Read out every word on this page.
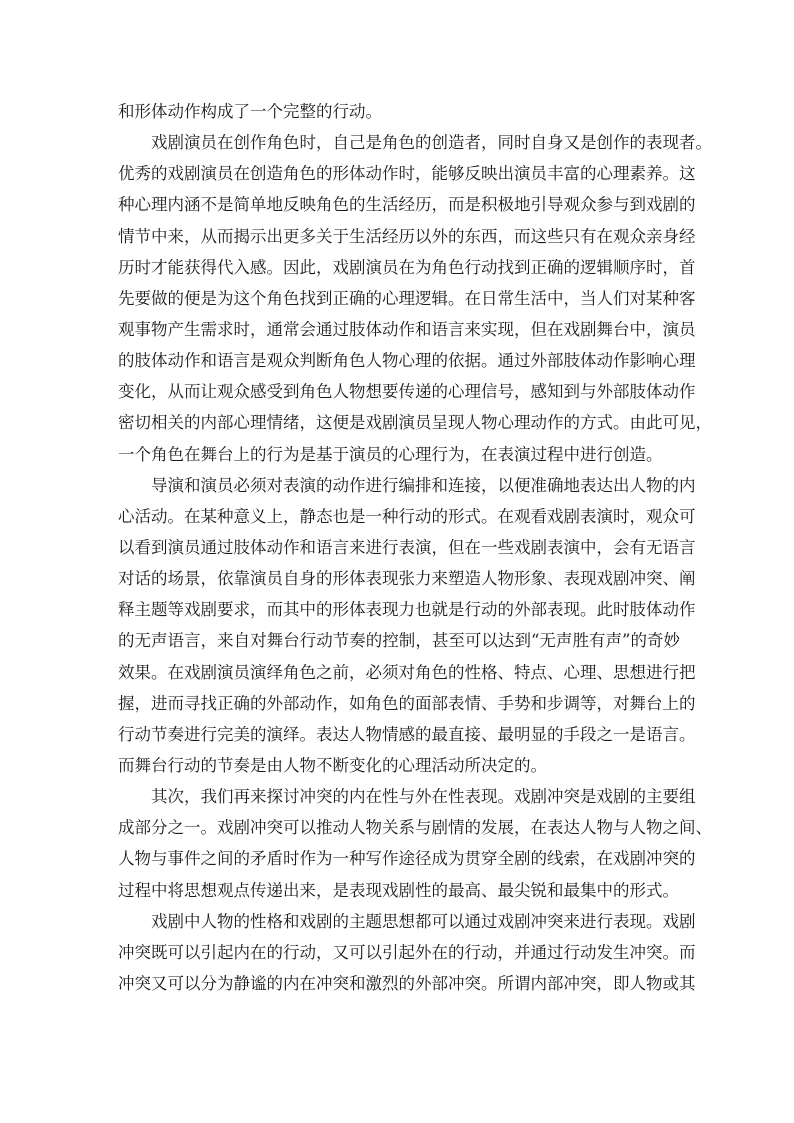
和形体动作构成了一个完整的行动。
戏剧演员在创作角色时，自己是角色的创造者，同时自身又是创作的表现者。
优秀的戏剧演员在创造角色的形体动作时，能够反映出演员丰富的心理素养。这
种心理内涵不是简单地反映角色的生活经历，而是积极地引导观众参与到戏剧的
情节中来，从而揭示出更多关于生活经历以外的东西，而这些只有在观众亲身经
历时才能获得代入感。因此，戏剧演员在为角色行动找到正确的逻辑顺序时，首
先要做的便是为这个角色找到正确的心理逻辑。在日常生活中，当人们对某种客
观事物产生需求时，通常会通过肢体动作和语言来实现，但在戏剧舞台中，演员
的肢体动作和语言是观众判断角色人物心理的依据。通过外部肢体动作影响心理
变化，从而让观众感受到角色人物想要传递的心理信号，感知到与外部肢体动作
密切相关的内部心理情绪，这便是戏剧演员呈现人物心理动作的方式。由此可见，
一个角色在舞台上的行为是基于演员的心理行为，在表演过程中进行创造。
导演和演员必须对表演的动作进行编排和连接，以便准确地表达出人物的内
心活动。在某种意义上，静态也是一种行动的形式。在观看戏剧表演时，观众可
以看到演员通过肢体动作和语言来进行表演，但在一些戏剧表演中，会有无语言
对话的场景，依靠演员自身的形体表现张力来塑造人物形象、表现戏剧冲突、阐
释主题等戏剧要求，而其中的形体表现力也就是行动的外部表现。此时肢体动作
的无声语言，来自对舞台行动节奏的控制，甚至可以达到“无声胜有声”的奇妙
效果。在戏剧演员演绎角色之前，必须对角色的性格、特点、心理、思想进行把
握，进而寻找正确的外部动作，如角色的面部表情、手势和步调等，对舞台上的
行动节奏进行完美的演绎。表达人物情感的最直接、最明显的手段之一是语言。
而舞台行动的节奏是由人物不断变化的心理活动所决定的。
其次，我们再来探讨冲突的内在性与外在性表现。戏剧冲突是戏剧的主要组
成部分之一。戏剧冲突可以推动人物关系与剧情的发展，在表达人物与人物之间、
人物与事件之间的矛盾时作为一种写作途径成为贯穿全剧的线索，在戏剧冲突的
过程中将思想观点传递出来，是表现戏剧性的最高、最尖锐和最集中的形式。
戏剧中人物的性格和戏剧的主题思想都可以通过戏剧冲突来进行表现。戏剧
冲突既可以引起内在的行动，又可以引起外在的行动，并通过行动发生冲突。而
冲突又可以分为静谧的内在冲突和激烈的外部冲突。所谓内部冲突，即人物或其
